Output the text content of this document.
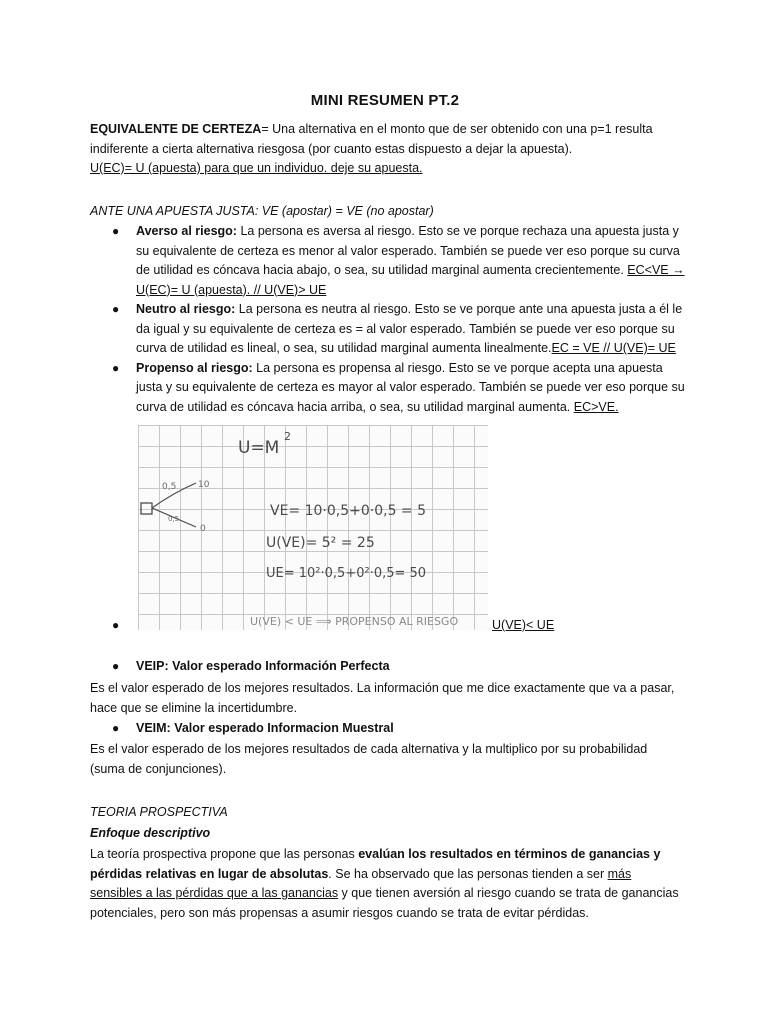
MINI RESUMEN PT.2
EQUIVALENTE DE CERTEZA= Una alternativa en el monto que de ser obtenido con una p=1 resulta indiferente a cierta alternativa riesgosa (por cuanto estas dispuesto a dejar la apuesta).
U(EC)= U (apuesta) para que un individuo. deje su apuesta.
ANTE UNA APUESTA JUSTA: VE (apostar) = VE (no apostar)
● Averso al riesgo: La persona es aversa al riesgo. Esto se ve porque rechaza una apuesta justa y su equivalente de certeza es menor al valor esperado. También se puede ver eso porque su curva de utilidad es cóncava hacia abajo, o sea, su utilidad marginal aumenta crecientemente. EC<VE → U(EC)= U (apuesta). // U(VE)> UE
● Neutro al riesgo: La persona es neutra al riesgo. Esto se ve porque ante una apuesta justa a él le da igual y su equivalente de certeza es = al valor esperado. También se puede ver eso porque su curva de utilidad es lineal, o sea, su utilidad marginal aumenta linealmente.EC = VE // U(VE)= UE
● Propenso al riesgo: La persona es propensa al riesgo. Esto se ve porque acepta una apuesta justa y su equivalente de certeza es mayor al valor esperado. También se puede ver eso porque su curva de utilidad es cóncava hacia arriba, o sea, su utilidad marginal aumenta. EC>VE.
U=M
2
0,5 10
0,5
0
VE= 10·0,5+0·0,5 = 5
U(VE)= 5² = 25
UE= 10²·0,5+0²·0,5= 50
U(VE) < UE ⟹ PROPENSO AL RIESGO
●	U(VE)< UE
● VEIP: Valor esperado Información Perfecta
Es el valor esperado de los mejores resultados. La información que me dice exactamente que va a pasar, hace que se elimine la incertidumbre.
● VEIM: Valor esperado Informacion Muestral
Es el valor esperado de los mejores resultados de cada alternativa y la multiplico por su probabilidad (suma de conjunciones).
TEORIA PROSPECTIVA
Enfoque descriptivo
La teoría prospectiva propone que las personas evalúan los resultados en términos de ganancias y pérdidas relativas en lugar de absolutas. Se ha observado que las personas tienden a ser más sensibles a las pérdidas que a las ganancias y que tienen aversión al riesgo cuando se trata de ganancias potenciales, pero son más propensas a asumir riesgos cuando se trata de evitar pérdidas.
